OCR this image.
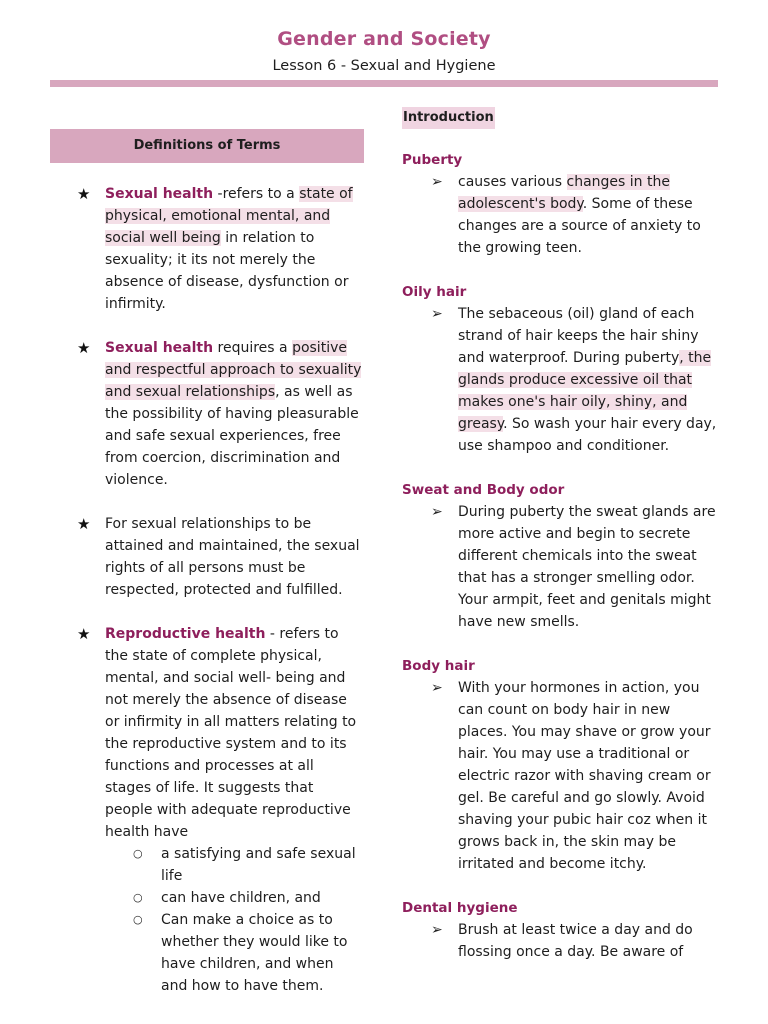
Gender and Society
Lesson 6 - Sexual and Hygiene
Definitions of Terms
★ Sexual health -refers to a state of physical, emotional mental, and social well being in relation to sexuality; it its not merely the absence of disease, dysfunction or infirmity.
★ Sexual health requires a positive and respectful approach to sexuality and sexual relationships, as well as the possibility of having pleasurable and safe sexual experiences, free from coercion, discrimination and violence.
★ For sexual relationships to be attained and maintained, the sexual rights of all persons must be respected, protected and fulfilled.
★ Reproductive health - refers to the state of complete physical, mental, and social well- being and not merely the absence of disease or infirmity in all matters relating to the reproductive system and to its functions and processes at all stages of life. It suggests that people with adequate reproductive health have
○ a satisfying and safe sexual life
○ can have children, and
○ Can make a choice as to whether they would like to have children, and when and how to have them.
Introduction
Puberty
➢ causes various changes in the adolescent's body. Some of these changes are a source of anxiety to the growing teen.
Oily hair
➢ The sebaceous (oil) gland of each strand of hair keeps the hair shiny and waterproof. During puberty, the glands produce excessive oil that makes one's hair oily, shiny, and greasy. So wash your hair every day, use shampoo and conditioner.
Sweat and Body odor
➢ During puberty the sweat glands are more active and begin to secrete different chemicals into the sweat that has a stronger smelling odor. Your armpit, feet and genitals might have new smells.
Body hair
➢ With your hormones in action, you can count on body hair in new places. You may shave or grow your hair. You may use a traditional or electric razor with shaving cream or gel. Be careful and go slowly. Avoid shaving your pubic hair coz when it grows back in, the skin may be irritated and become itchy.
Dental hygiene
➢ Brush at least twice a day and do flossing once a day. Be aware of
